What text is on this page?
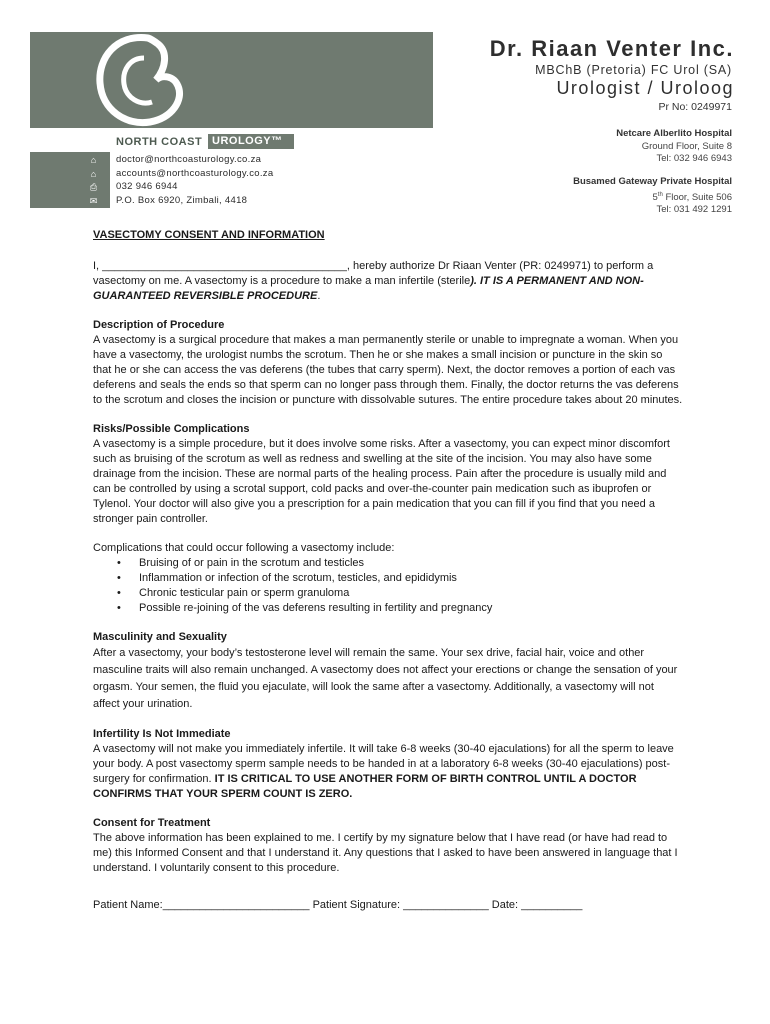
NORTH COAST UROLOGY™
⌂
⌂
⎙
✉
doctor@northcoasturology.co.za
accounts@northcoasturology.co.za
032 946 6944
P.O. Box 6920, Zimbali, 4418
Dr. Riaan Venter Inc.
MBChB (Pretoria) FC Urol (SA)
Urologist / Uroloog
Pr No: 0249971
Netcare Alberlito Hospital
Ground Floor, Suite 8
Tel: 032 946 6943
Busamed Gateway Private Hospital
5th Floor, Suite 506
Tel: 031 492 1291
VASECTOMY CONSENT AND INFORMATION

I, ________________________________________, hereby authorize Dr Riaan Venter (PR: 0249971) to perform a vasectomy on me. A vasectomy is a procedure to make a man infertile (sterile). IT IS A PERMANENT AND NON-GUARANTEED REVERSIBLE PROCEDURE.

Description of Procedure

A vasectomy is a surgical procedure that makes a man permanently sterile or unable to impregnate a woman. When you have a vasectomy, the urologist numbs the scrotum. Then he or she makes a small incision or puncture in the skin so that he or she can access the vas deferens (the tubes that carry sperm). Next, the doctor removes a portion of each vas deferens and seals the ends so that sperm can no longer pass through them. Finally, the doctor returns the vas deferens to the scrotum and closes the incision or puncture with dissolvable sutures. The entire procedure takes about 20 minutes.

Risks/Possible Complications

A vasectomy is a simple procedure, but it does involve some risks. After a vasectomy, you can expect minor discomfort such as bruising of the scrotum as well as redness and swelling at the site of the incision. You may also have some drainage from the incision. These are normal parts of the healing process. Pain after the procedure is usually mild and can be controlled by using a scrotal support, cold packs and over-the-counter pain medication such as ibuprofen or Tylenol. Your doctor will also give you a prescription for a pain medication that you can fill if you find that you need a stronger pain controller.

Complications that could occur following a vasectomy include:

• Bruising of or pain in the scrotum and testicles
• Inflammation or infection of the scrotum, testicles, and epididymis
• Chronic testicular pain or sperm granuloma
• Possible re-joining of the vas deferens resulting in fertility and pregnancy
Masculinity and Sexuality

After a vasectomy, your body’s testosterone level will remain the same. Your sex drive, facial hair, voice and other masculine traits will also remain unchanged. A vasectomy does not affect your erections or change the sensation of your orgasm. Your semen, the fluid you ejaculate, will look the same after a vasectomy. Additionally, a vasectomy will not affect your urination.

Infertility Is Not Immediate

A vasectomy will not make you immediately infertile. It will take 6-8 weeks (30-40 ejaculations) for all the sperm to leave your body. A post vasectomy sperm sample needs to be handed in at a laboratory 6-8 weeks (30-40 ejaculations) post-surgery for confirmation. IT IS CRITICAL TO USE ANOTHER FORM OF BIRTH CONTROL UNTIL A DOCTOR CONFIRMS THAT YOUR SPERM COUNT IS ZERO.

Consent for Treatment

The above information has been explained to me. I certify by my signature below that I have read (or have had read to me) this Informed Consent and that I understand it. Any questions that I asked to have been answered in language that I understand. I voluntarily consent to this procedure.

Patient Name:________________________ Patient Signature: ______________ Date: __________
